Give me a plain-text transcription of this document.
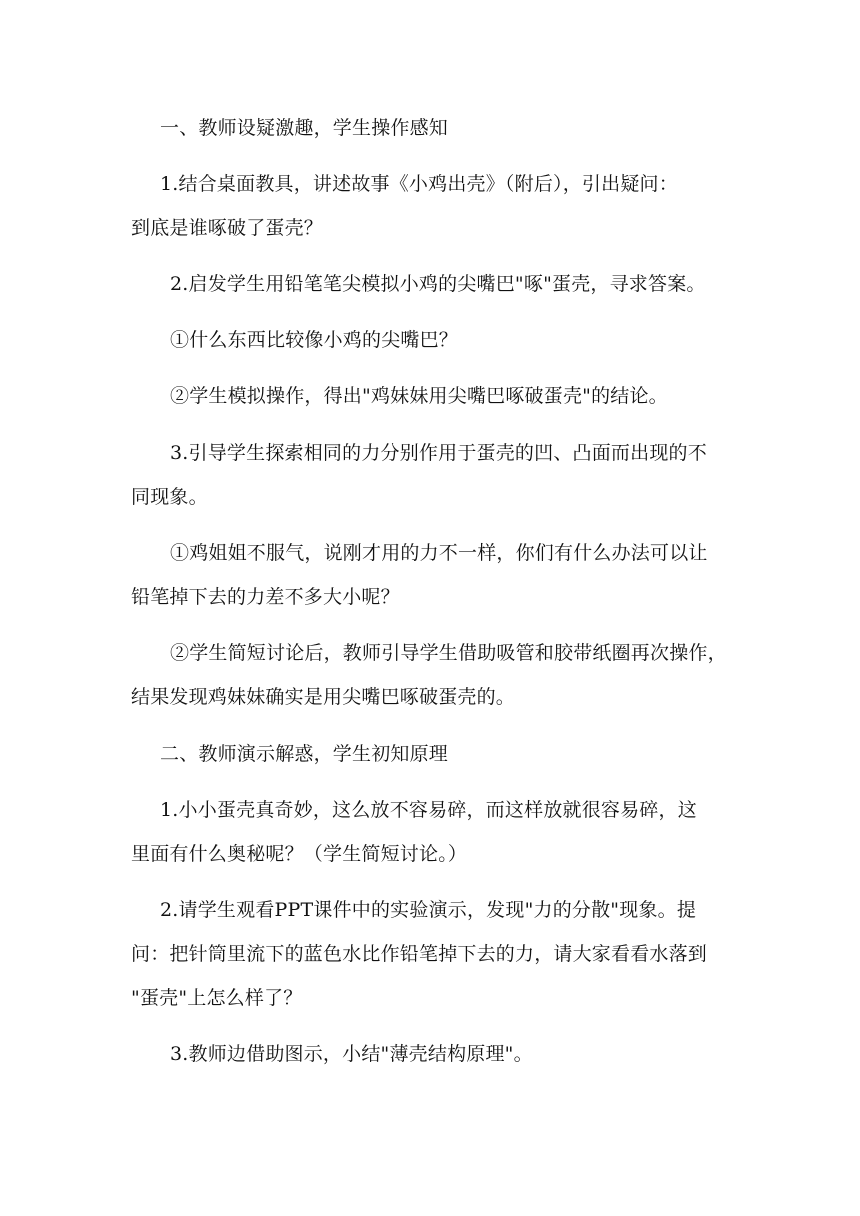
一、教师设疑激趣，学生操作感知
1.结合桌面教具，讲述故事《小鸡出壳》（附后），引出疑问：
到底是谁啄破了蛋壳？
2.启发学生用铅笔笔尖模拟小鸡的尖嘴巴"啄"蛋壳，寻求答案。
①什么东西比较像小鸡的尖嘴巴？
②学生模拟操作，得出"鸡妹妹用尖嘴巴啄破蛋壳"的结论。
3.引导学生探索相同的力分别作用于蛋壳的凹、凸面而出现的不
同现象。
①鸡姐姐不服气，说刚才用的力不一样，你们有什么办法可以让
铅笔掉下去的力差不多大小呢？
②学生简短讨论后，教师引导学生借助吸管和胶带纸圈再次操作，
结果发现鸡妹妹确实是用尖嘴巴啄破蛋壳的。
二、教师演示解惑，学生初知原理
1.小小蛋壳真奇妙，这么放不容易碎，而这样放就很容易碎，这
里面有什么奥秘呢？（学生简短讨论。）
2.请学生观看PPT课件中的实验演示，发现"力的分散"现象。提
问：把针筒里流下的蓝色水比作铅笔掉下去的力，请大家看看水落到
"蛋壳"上怎么样了？
3.教师边借助图示，小结"薄壳结构原理"。
